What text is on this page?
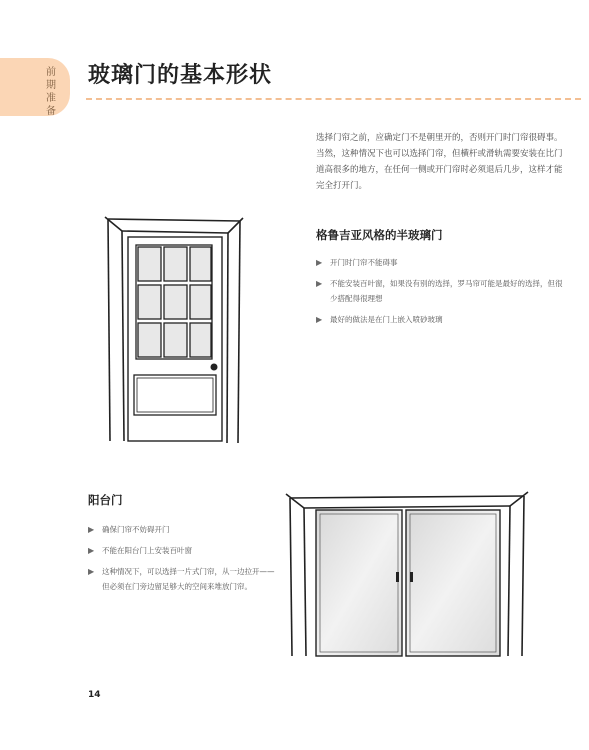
前期准备
玻璃门的基本形状
选择门帘之前，应确定门不是朝里开的，否则开门时门帘很碍事。当然，这种情况下也可以选择门帘，但横杆或滑轨需要安装在比门道高很多的地方，在任何一侧或开门帘时必须退后几步，这样才能完全打开门。
格鲁吉亚风格的半玻璃门
▶ 开门时门帘不能碍事
▶ 不能安装百叶窗，如果没有别的选择，罗马帘可能是最好的选择，但很少搭配得很理想
▶ 最好的做法是在门上嵌入喷砂玻璃
阳台门
▶ 确保门帘不妨碍开门
▶ 不能在阳台门上安装百叶窗
▶ 这种情况下，可以选择一片式门帘，从一边拉开——但必须在门旁边留足够大的空间来堆放门帘。
14
